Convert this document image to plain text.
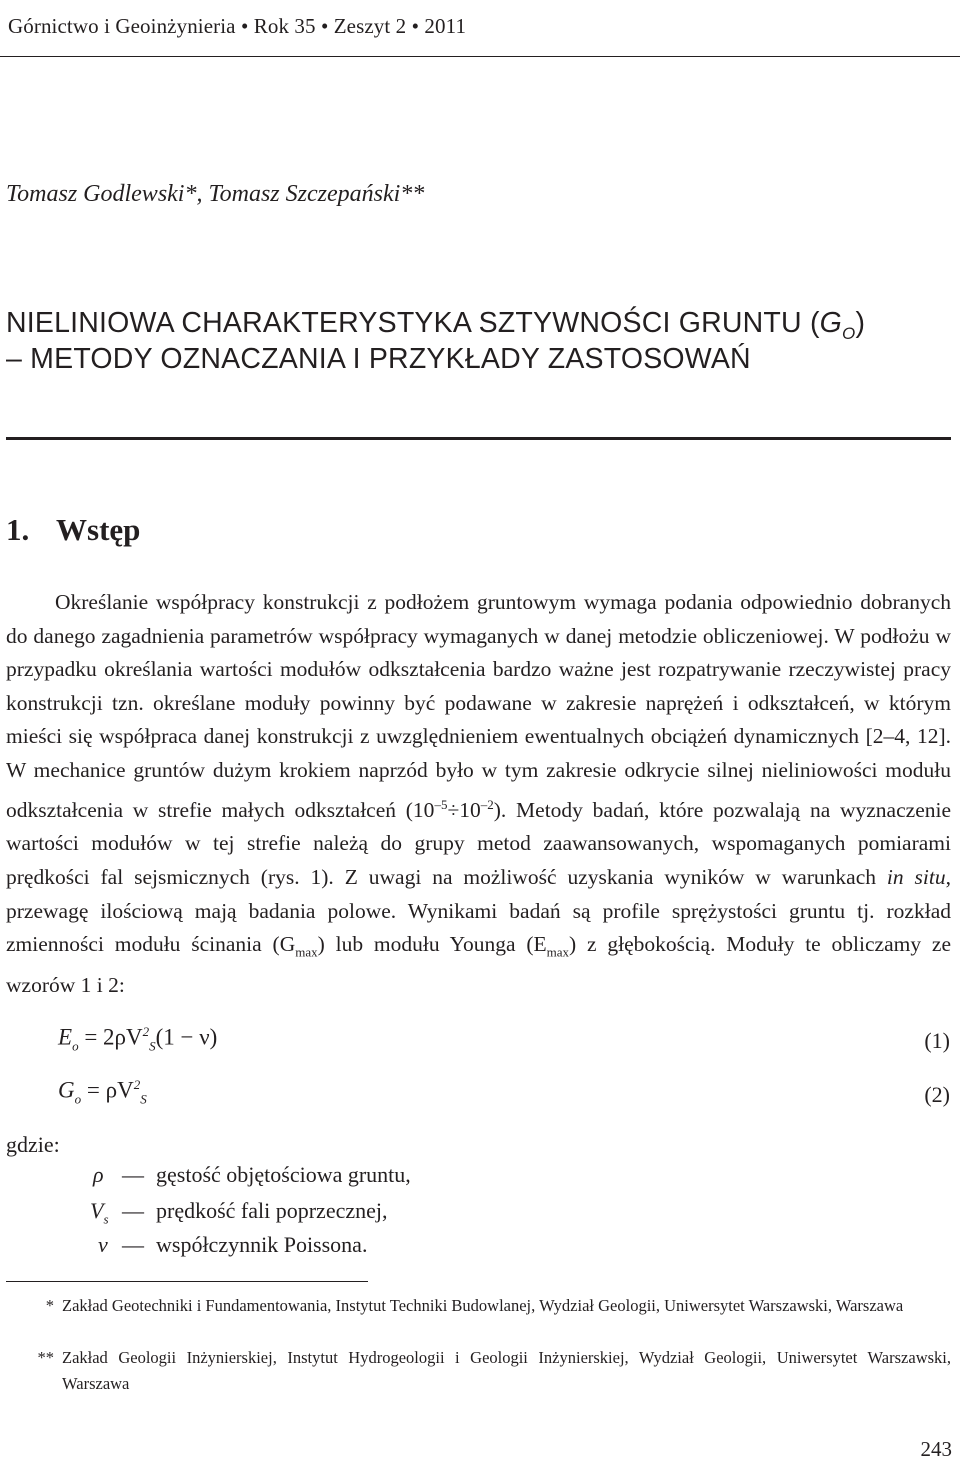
Górnictwo i Geoinżynieria • Rok 35 • Zeszyt 2 • 2011
Tomasz Godlewski*, Tomasz Szczepański**
NIELINIOWA CHARAKTERYSTYKA SZTYWNOŚCI GRUNTU $(G_O)$
– METODY OZNACZANIA I PRZYKŁADY ZASTOSOWAŃ
1. Wstęp

Określanie współpracy konstrukcji z podłożem gruntowym wymaga podania odpowiednio dobranych do danego zagadnienia parametrów współpracy wymaganych w danej metodzie obliczeniowej. W podłożu w przypadku określania wartości modułów odkształcenia bardzo ważne jest rozpatrywanie rzeczywistej pracy konstrukcji tzn. określane moduły powinny być podawane w zakresie naprężeń i odkształceń, w którym mieści się współpraca danej konstrukcji z uwzględnieniem ewentualnych obciążeń dynamicznych [2–4, 12]. W mechanice gruntów dużym krokiem naprzód było w tym zakresie odkrycie silnej nieliniowości modułu odkształcenia w strefie małych odkształceń $(10^{-5}\div 10^{-2})$. Metody badań, które pozwalają na wyznaczenie wartości modułów w tej strefie należą do grupy metod zaawansowanych, wspomaganych pomiarami prędkości fal sejsmicznych (rys. 1). Z uwagi na możliwość uzyskania wyników w warunkach in situ, przewagę ilościową mają badania polowe. Wynikami badań są profile sprężystości gruntu tj. rozkład zmienności modułu ścinania $(G_{max})$ lub modułu Younga $(E_{max})$ z głębokością. Moduły te obliczamy ze wzorów 1 i 2:

$E_o = 2\rho V^2_S(1 - \nu)$	(1)
$G_o = \rho V^2_S$	(2)
gdzie:
ρ — gęstość objętościowa gruntu,
$V_s$ — prędkość fali poprzecznej,
ν — współczynnik Poissona.
* Zakład Geotechniki i Fundamentowania, Instytut Techniki Budowlanej, Wydział Geologii, Uniwersytet Warszawski, Warszawa
** Zakład Geologii Inżynierskiej, Instytut Hydrogeologii i Geologii Inżynierskiej, Wydział Geologii, Uniwersytet Warszawski, Warszawa
243
